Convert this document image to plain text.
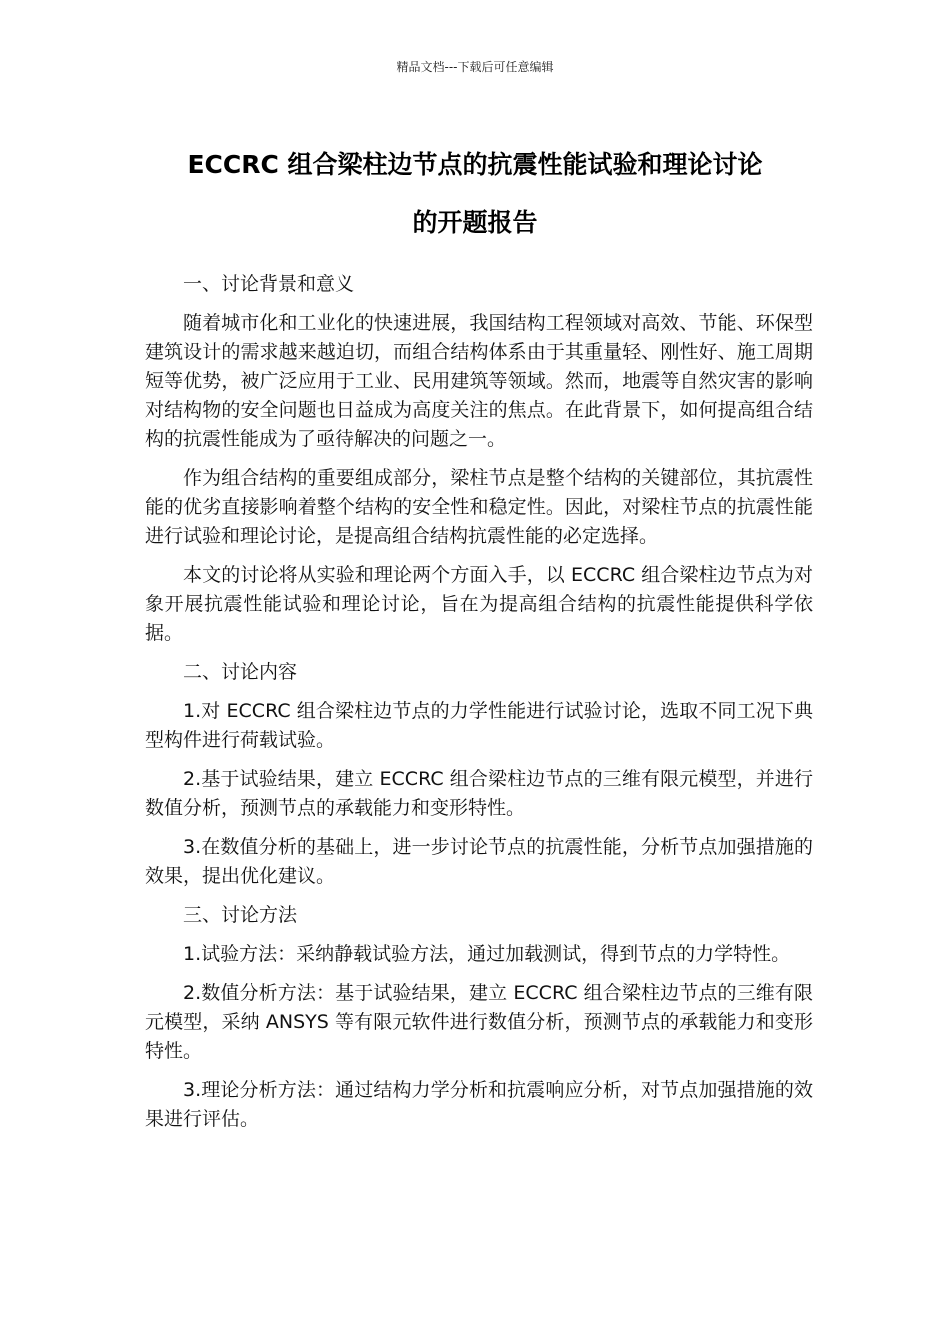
精品文档---下载后可任意编辑
ECCRC 组合梁柱边节点的抗震性能试验和理论讨论
的开题报告

一、讨论背景和意义

随着城市化和工业化的快速进展，我国结构工程领域对高效、节能、环保型建筑设计的需求越来越迫切，而组合结构体系由于其重量轻、刚性好、施工周期短等优势，被广泛应用于工业、民用建筑等领域。然而，地震等自然灾害的影响对结构物的安全问题也日益成为高度关注的焦点。在此背景下，如何提高组合结构的抗震性能成为了亟待解决的问题之一。

作为组合结构的重要组成部分，梁柱节点是整个结构的关键部位，其抗震性能的优劣直接影响着整个结构的安全性和稳定性。因此，对梁柱节点的抗震性能进行试验和理论讨论，是提高组合结构抗震性能的必定选择。

本文的讨论将从实验和理论两个方面入手，以 ECCRC 组合梁柱边节点为对象开展抗震性能试验和理论讨论，旨在为提高组合结构的抗震性能提供科学依据。

二、讨论内容

1.对 ECCRC 组合梁柱边节点的力学性能进行试验讨论，选取不同工况下典型构件进行荷载试验。

2.基于试验结果，建立 ECCRC 组合梁柱边节点的三维有限元模型，并进行数值分析，预测节点的承载能力和变形特性。

3.在数值分析的基础上，进一步讨论节点的抗震性能，分析节点加强措施的效果，提出优化建议。

三、讨论方法

1.试验方法：采纳静载试验方法，通过加载测试，得到节点的力学特性。

2.数值分析方法：基于试验结果，建立 ECCRC 组合梁柱边节点的三维有限元模型，采纳 ANSYS 等有限元软件进行数值分析，预测节点的承载能力和变形特性。

3.理论分析方法：通过结构力学分析和抗震响应分析，对节点加强措施的效果进行评估。
